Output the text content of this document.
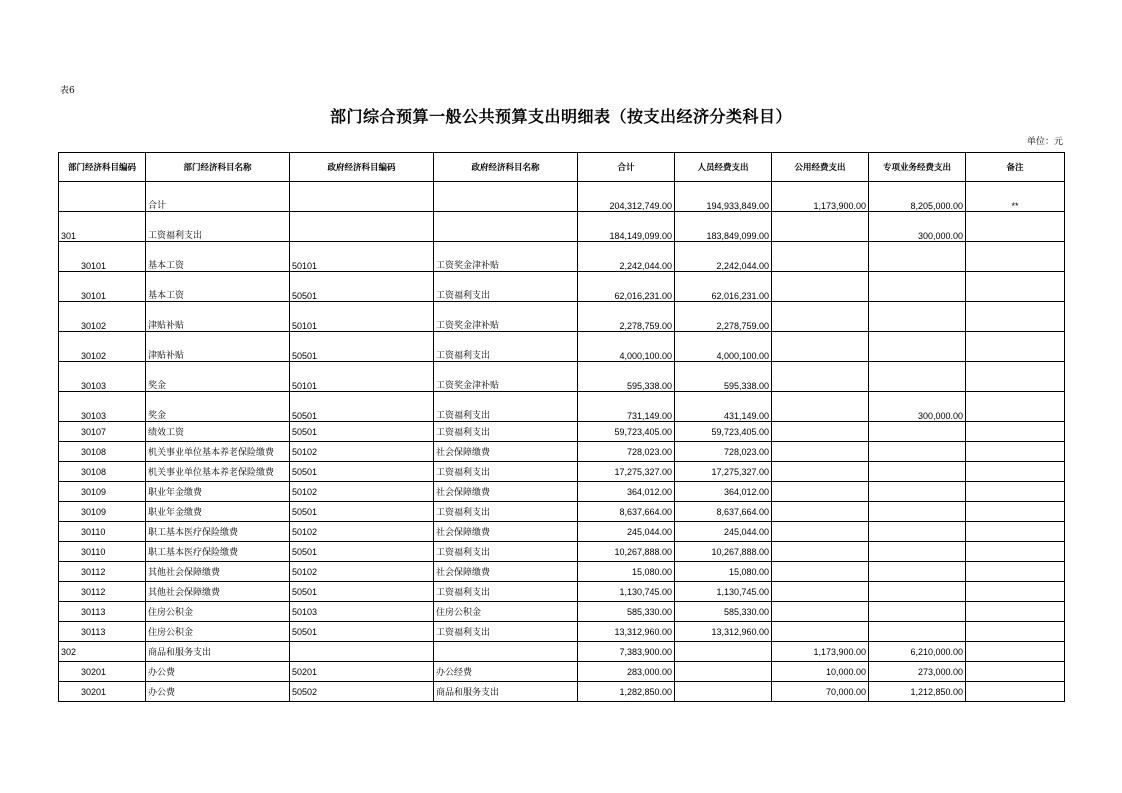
表6
部门综合预算一般公共预算支出明细表（按支出经济分类科目）
单位：元
部门经济科目编码	部门经济科目名称	政府经济科目编码	政府经济科目名称	合计	人员经费支出	公用经费支出	专项业务经费支出	备注
	合计			204,312,749.00	194,933,849.00	1,173,900.00	8,205,000.00	**
301	工资福利支出			184,149,099.00	183,849,099.00		300,000.00	
30101	基本工资	50101	工资奖金津补贴	2,242,044.00	2,242,044.00			
30101	基本工资	50501	工资福利支出	62,016,231.00	62,016,231.00			
30102	津贴补贴	50101	工资奖金津补贴	2,278,759.00	2,278,759.00			
30102	津贴补贴	50501	工资福利支出	4,000,100.00	4,000,100.00			
30103	奖金	50101	工资奖金津补贴	595,338.00	595,338.00			
30103	奖金	50501	工资福利支出	731,149.00	431,149.00		300,000.00	
30107	绩效工资	50501	工资福利支出	59,723,405.00	59,723,405.00			
30108	机关事业单位基本养老保险缴费	50102	社会保障缴费	728,023.00	728,023.00			
30108	机关事业单位基本养老保险缴费	50501	工资福利支出	17,275,327.00	17,275,327.00			
30109	职业年金缴费	50102	社会保障缴费	364,012.00	364,012.00			
30109	职业年金缴费	50501	工资福利支出	8,637,664.00	8,637,664.00			
30110	职工基本医疗保险缴费	50102	社会保障缴费	245,044.00	245,044.00			
30110	职工基本医疗保险缴费	50501	工资福利支出	10,267,888.00	10,267,888.00			
30112	其他社会保障缴费	50102	社会保障缴费	15,080.00	15,080.00			
30112	其他社会保障缴费	50501	工资福利支出	1,130,745.00	1,130,745.00			
30113	住房公积金	50103	住房公积金	585,330.00	585,330.00			
30113	住房公积金	50501	工资福利支出	13,312,960.00	13,312,960.00			
302	商品和服务支出			7,383,900.00		1,173,900.00	6,210,000.00	
30201	办公费	50201	办公经费	283,000.00		10,000.00	273,000.00	
30201	办公费	50502	商品和服务支出	1,282,850.00		70,000.00	1,212,850.00	
